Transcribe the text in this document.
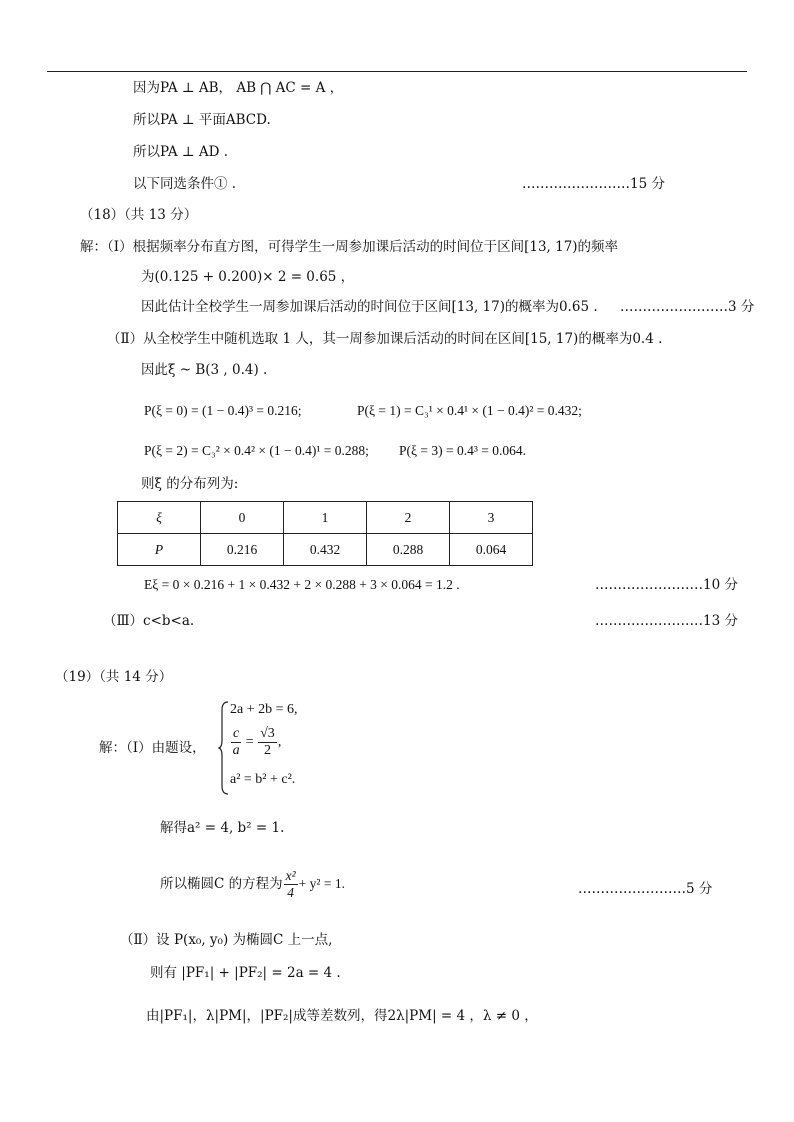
因为PA ⊥ AB， AB ⋂ AC = A ，
所以PA ⊥ 平面ABCD.
所以PA ⊥ AD .
以下同选条件① .	……………………15 分
（18）（共 13 分）
解：（Ⅰ）根据频率分布直方图，可得学生一周参加课后活动的时间位于区间[13, 17)的频率
为(0.125 + 0.200)× 2 = 0.65 ，
因此估计全校学生一周参加课后活动的时间位于区间[13, 17)的概率为0.65 . ……………………3 分
（Ⅱ）从全校学生中随机选取 1 人，其一周参加课后活动的时间在区间[15, 17)的概率为0.4 .
因此ξ ~ B(3 , 0.4) .
P(ξ = 0) = (1 − 0.4)³ = 0.216;	P(ξ = 1) = C₃¹ × 0.4¹ × (1 − 0.4)² = 0.432;
P(ξ = 2) = C₃² × 0.4² × (1 − 0.4)¹ = 0.288; P(ξ = 3) = 0.4³ = 0.064.
则ξ 的分布列为:
ξ	0	1	2	3
P	0.216	0.432	0.288	0.064
Eξ = 0 × 0.216 + 1 × 0.432 + 2 × 0.288 + 3 × 0.064 = 1.2 .	……………………10 分
（Ⅲ）c<b<a.	……………………13 分
（19）（共 14 分）
解：（Ⅰ）由题设，
2a + 2b = 6,
$\frac{c}{a} = \frac{√3}{2}$ ,
a² = b² + c².
解得a² = 4, b² = 1.
所以椭圆C 的方程为 $\frac{\text{x²}}{4} + y^2 = 1$.	……………………5 分
（Ⅱ）设 P(x₀, y₀) 为椭圆C 上一点,
则有 |PF₁| + |PF₂| = 2a = 4 .
由|PF₁|，λ|PM|，|PF₂|成等差数列，得2λ|PM| = 4 ，λ ≠ 0 ，
